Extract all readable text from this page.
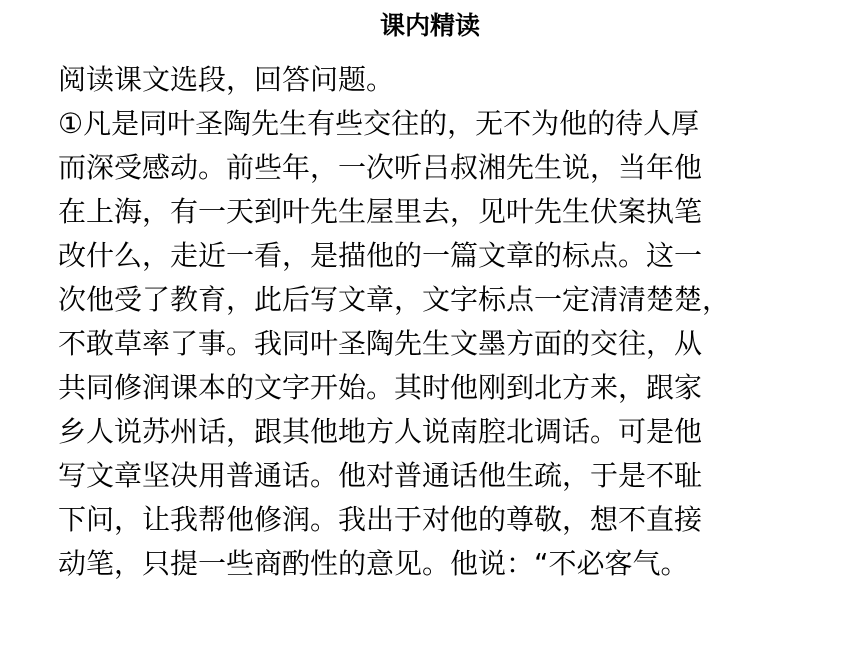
课内精读
阅读课文选段，回答问题。
①凡是同叶圣陶先生有些交往的，无不为他的待人厚
而深受感动。前些年，一次听吕叔湘先生说，当年他
在上海，有一天到叶先生屋里去，见叶先生伏案执笔
改什么，走近一看，是描他的一篇文章的标点。这一
次他受了教育，此后写文章，文字标点一定清清楚楚，
不敢草率了事。我同叶圣陶先生文墨方面的交往，从
共同修润课本的文字开始。其时他刚到北方来，跟家
乡人说苏州话，跟其他地方人说南腔北调话。可是他
写文章坚决用普通话。他对普通话他生疏，于是不耻
下问，让我帮他修润。我出于对他的尊敬，想不直接
动笔，只提一些商酌性的意见。他说：“不必客气。
